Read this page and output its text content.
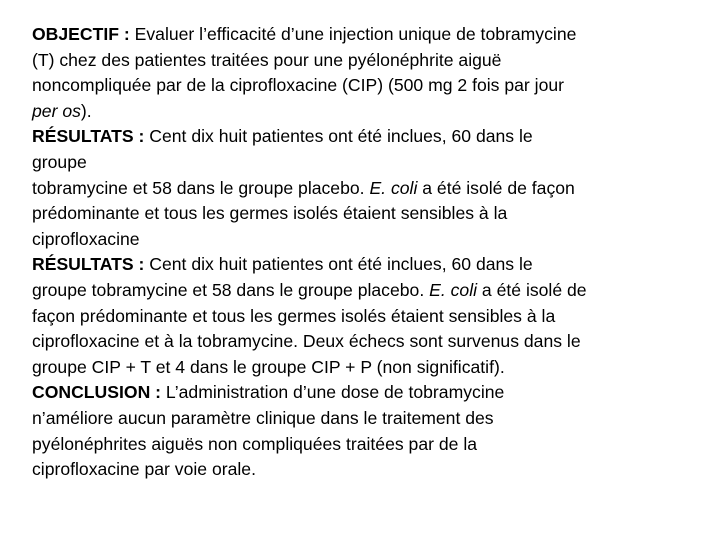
OBJECTIF : Evaluer l’efficacité d’une injection unique de tobramycine
(T) chez des patientes traitées pour une pyélonéphrite aiguë
noncompliquée par de la ciprofloxacine (CIP) (500 mg 2 fois par jour
per os).
RÉSULTATS : Cent dix huit patientes ont été inclues, 60 dans le
groupe
tobramycine et 58 dans le groupe placebo. E. coli a été isolé de façon
prédominante et tous les germes isolés étaient sensibles à la
ciprofloxacine
RÉSULTATS : Cent dix huit patientes ont été inclues, 60 dans le
groupe tobramycine et 58 dans le groupe placebo. E. coli a été isolé de
façon prédominante et tous les germes isolés étaient sensibles à la
ciprofloxacine et à la tobramycine. Deux échecs sont survenus dans le
groupe CIP + T et 4 dans le groupe CIP + P (non significatif).
CONCLUSION : L’administration d’une dose de tobramycine
n’améliore aucun paramètre clinique dans le traitement des
pyélonéphrites aiguës non compliquées traitées par de la
ciprofloxacine par voie orale.
